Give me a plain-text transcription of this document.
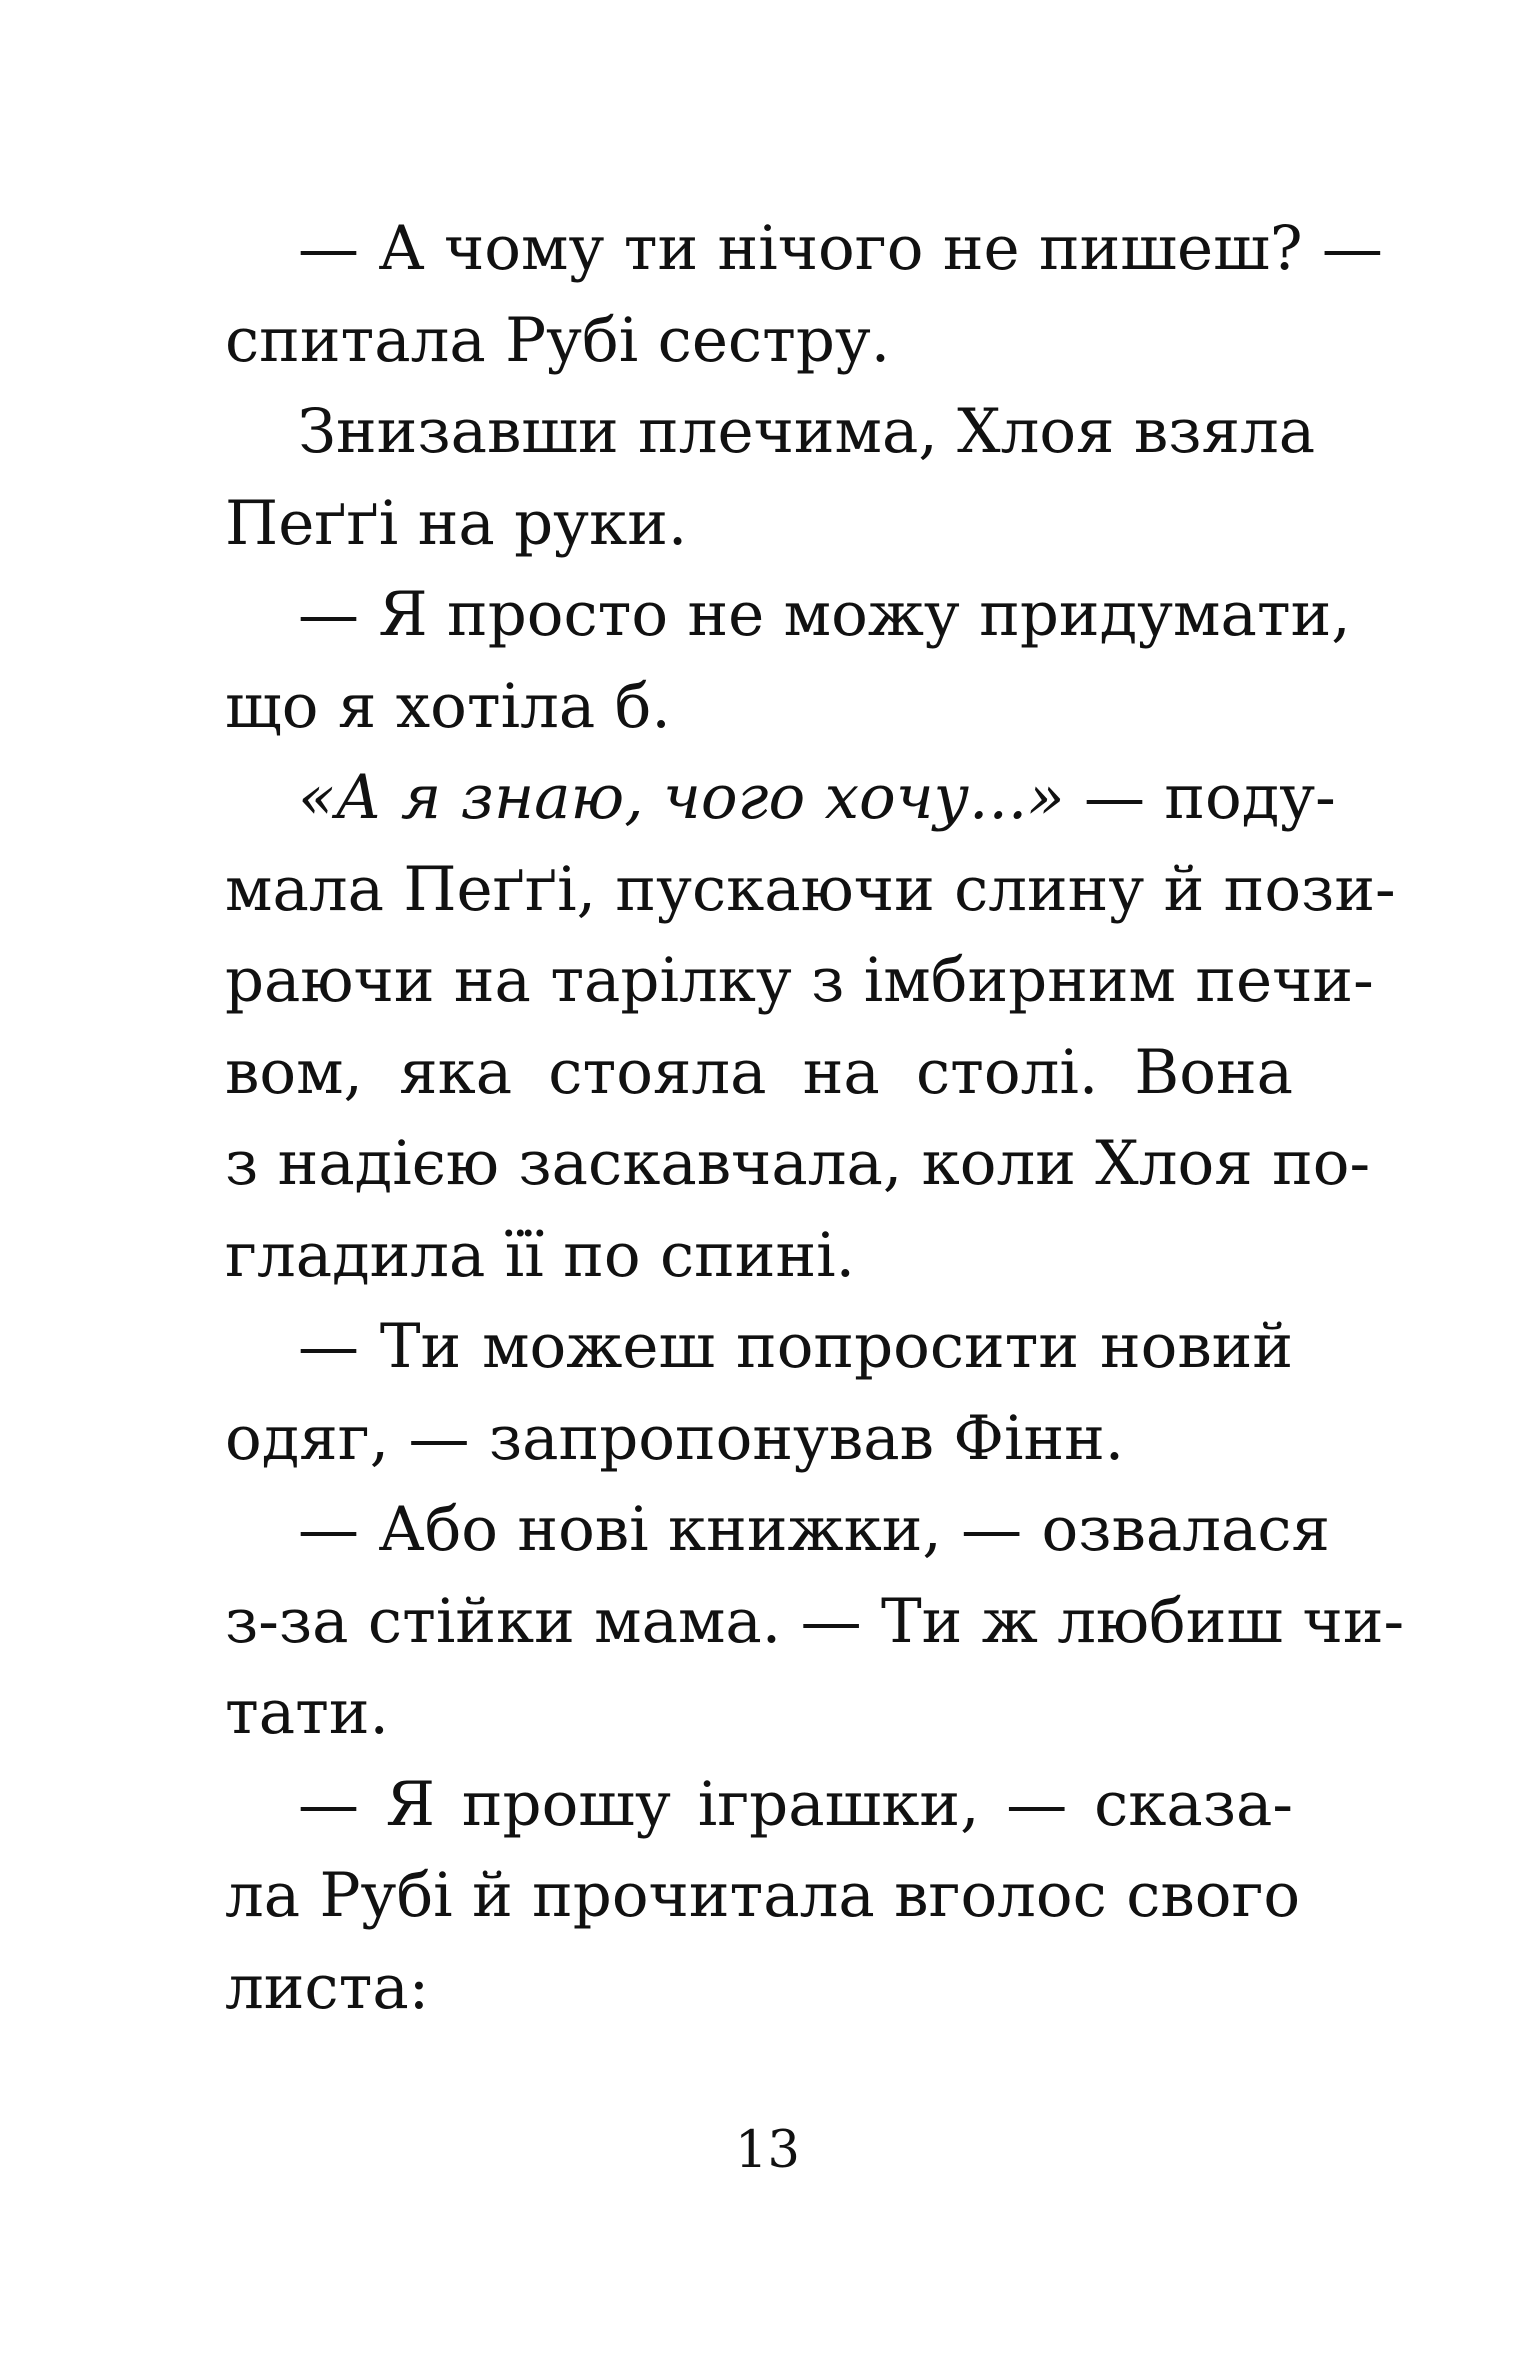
— А чому ти нічого не пишеш? —
спитала Рубі сестру.
Знизавши плечима, Хлоя взяла
Пеґґі на руки.
— Я просто не можу придумати,
що я хотіла б.
«А я знаю, чого хочу...» — поду-
мала Пеґґі, пускаючи слину й пози-
раючи на тарілку з імбирним печи-
вом, яка стояла на столі. Вона
з надією заскавчала, коли Хлоя по-
гладила її по спині.
— Ти можеш попросити новий
одяг, — запропонував Фінн.
— Або нові книжки, — озвалася
з-за стійки мама. — Ти ж любиш чи-
тати.
— Я прошу іграшки, — сказа-
ла Рубі й прочитала вголос свого
листа:
13
